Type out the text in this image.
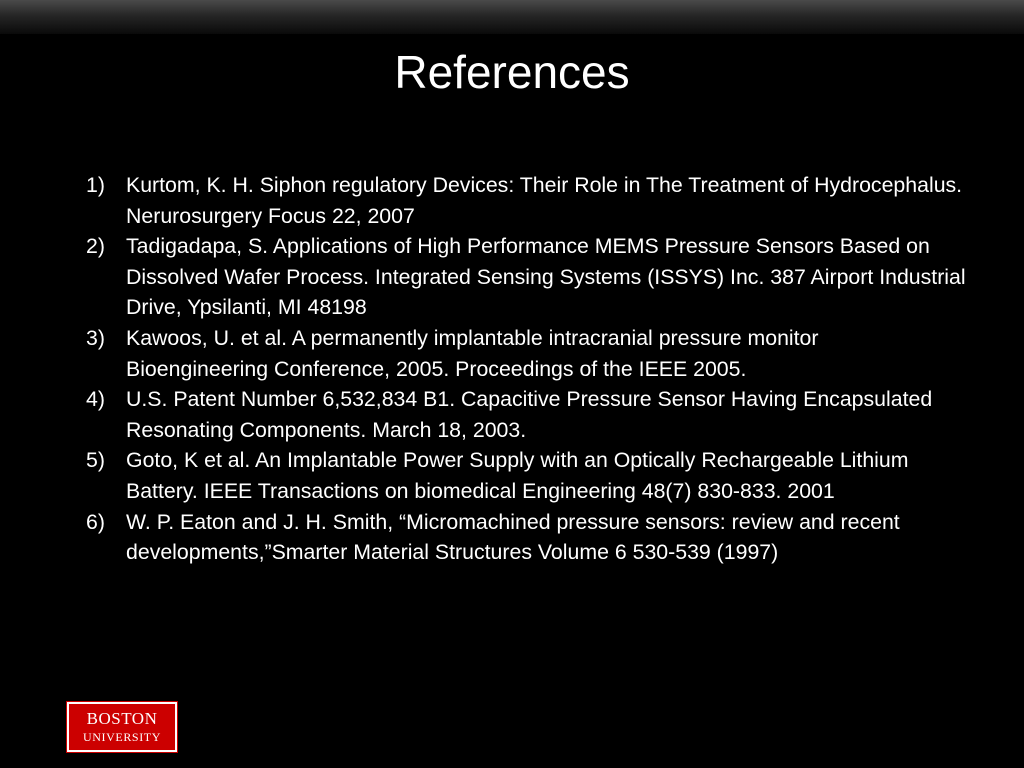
References
1) Kurtom, K. H. Siphon regulatory Devices: Their Role in The Treatment of Hydrocephalus. Nerurosurgery Focus 22, 2007
2) Tadigadapa, S. Applications of High Performance MEMS Pressure Sensors Based on Dissolved Wafer Process. Integrated Sensing Systems (ISSYS) Inc. 387 Airport Industrial Drive, Ypsilanti, MI 48198
3) Kawoos, U. et al. A permanently implantable intracranial pressure monitor Bioengineering Conference, 2005. Proceedings of the IEEE 2005.
4) U.S. Patent Number 6,532,834 B1. Capacitive Pressure Sensor Having Encapsulated Resonating Components. March 18, 2003.
5) Goto, K et al. An Implantable Power Supply with an Optically Rechargeable Lithium Battery. IEEE Transactions on biomedical Engineering 48(7) 830-833. 2001
6) W. P. Eaton and J. H. Smith, “Micromachined pressure sensors: review and recent developments,”Smarter Material Structures Volume 6 530-539 (1997)
BOSTON
UNIVERSITY
